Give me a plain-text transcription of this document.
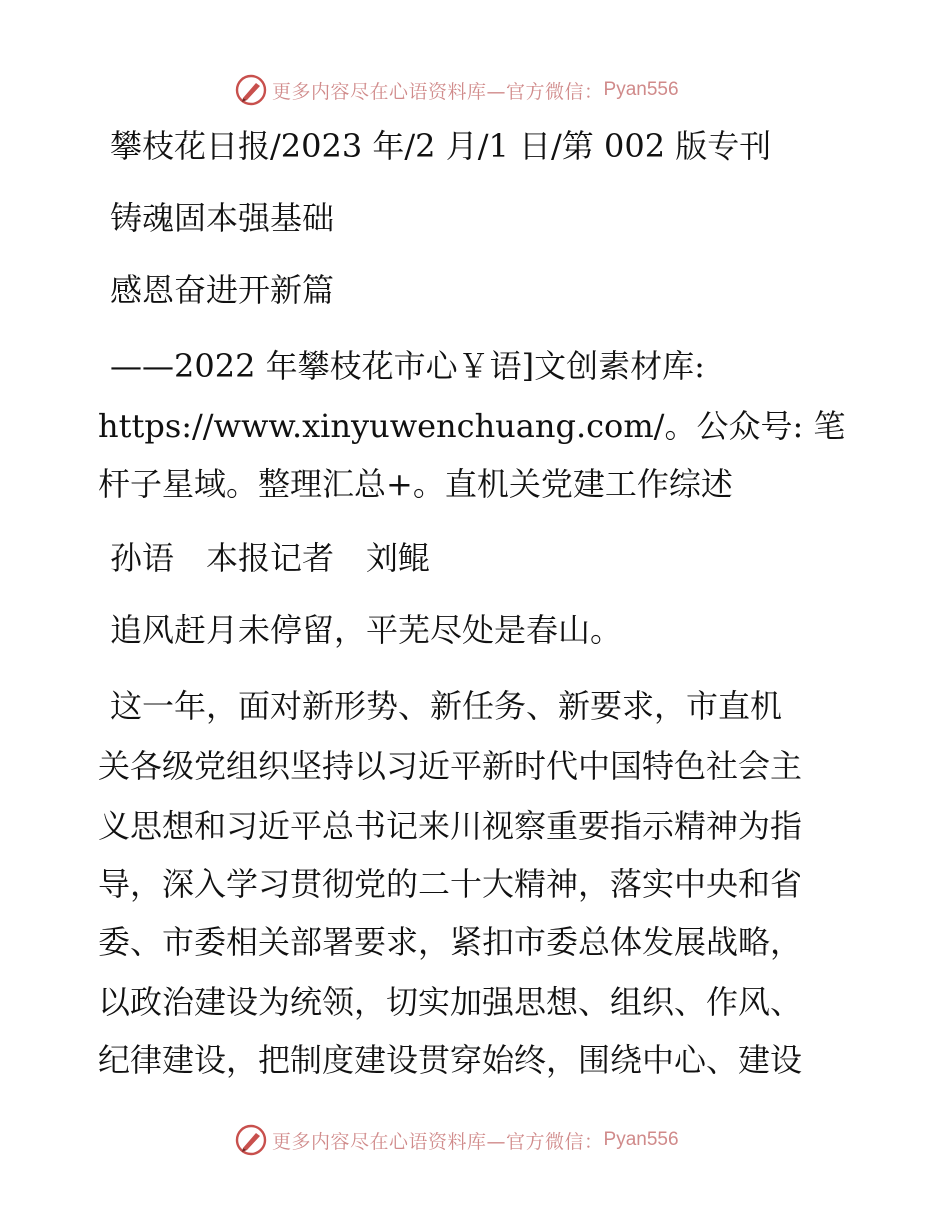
更多内容尽在心语资料库—官方微信： Pyan556
攀枝花日报/2023 年/2 月/1 日/第 002 版专刊
铸魂固本强基础
感恩奋进开新篇
——2022 年攀枝花市心￥语]文创素材库:
https://www.xinyuwenchuang.com/。公众号: 笔
杆子星域。整理汇总+。直机关党建工作综述
孙语　本报记者　刘鲲
追风赶月未停留，平芜尽处是春山。
这一年，面对新形势、新任务、新要求，市直机
关各级党组织坚持以习近平新时代中国特色社会主
义思想和习近平总书记来川视察重要指示精神为指
导，深入学习贯彻党的二十大精神，落实中央和省
委、市委相关部署要求，紧扣市委总体发展战略，
以政治建设为统领，切实加强思想、组织、作风、
纪律建设，把制度建设贯穿始终，围绕中心、建设
更多内容尽在心语资料库—官方微信： Pyan556
